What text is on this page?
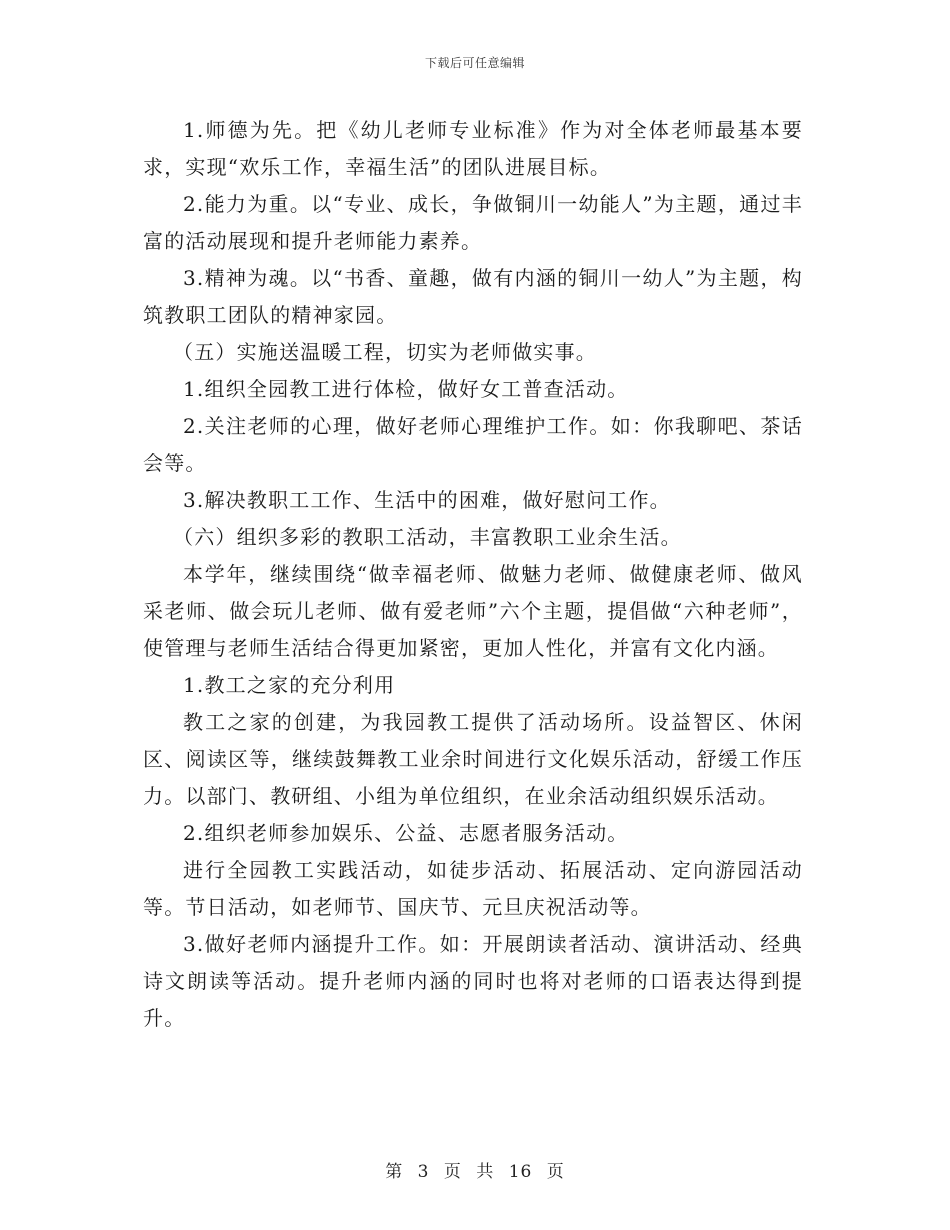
下载后可任意编辑

1.师德为先。把《幼儿老师专业标准》作为对全体老师最基本要求，实现“欢乐工作，幸福生活”的团队进展目标。

2.能力为重。以“专业、成长，争做铜川一幼能人”为主题，通过丰富的活动展现和提升老师能力素养。

3.精神为魂。以“书香、童趣，做有内涵的铜川一幼人”为主题，构筑教职工团队的精神家园。

（五）实施送温暖工程，切实为老师做实事。

1.组织全园教工进行体检，做好女工普查活动。

2.关注老师的心理，做好老师心理维护工作。如：你我聊吧、茶话会等。

3.解决教职工工作、生活中的困难，做好慰问工作。

（六）组织多彩的教职工活动，丰富教职工业余生活。

本学年，继续围绕“做幸福老师、做魅力老师、做健康老师、做风采老师、做会玩儿老师、做有爱老师”六个主题，提倡做“六种老师”，使管理与老师生活结合得更加紧密，更加人性化，并富有文化内涵。

1.教工之家的充分利用

教工之家的创建，为我园教工提供了活动场所。设益智区、休闲区、阅读区等，继续鼓舞教工业余时间进行文化娱乐活动，舒缓工作压力。以部门、教研组、小组为单位组织，在业余活动组织娱乐活动。

2.组织老师参加娱乐、公益、志愿者服务活动。

进行全园教工实践活动，如徒步活动、拓展活动、定向游园活动等。节日活动，如老师节、国庆节、元旦庆祝活动等。

3.做好老师内涵提升工作。如：开展朗读者活动、演讲活动、经典诗文朗读等活动。提升老师内涵的同时也将对老师的口语表达得到提升。

第 3 页 共 16 页
